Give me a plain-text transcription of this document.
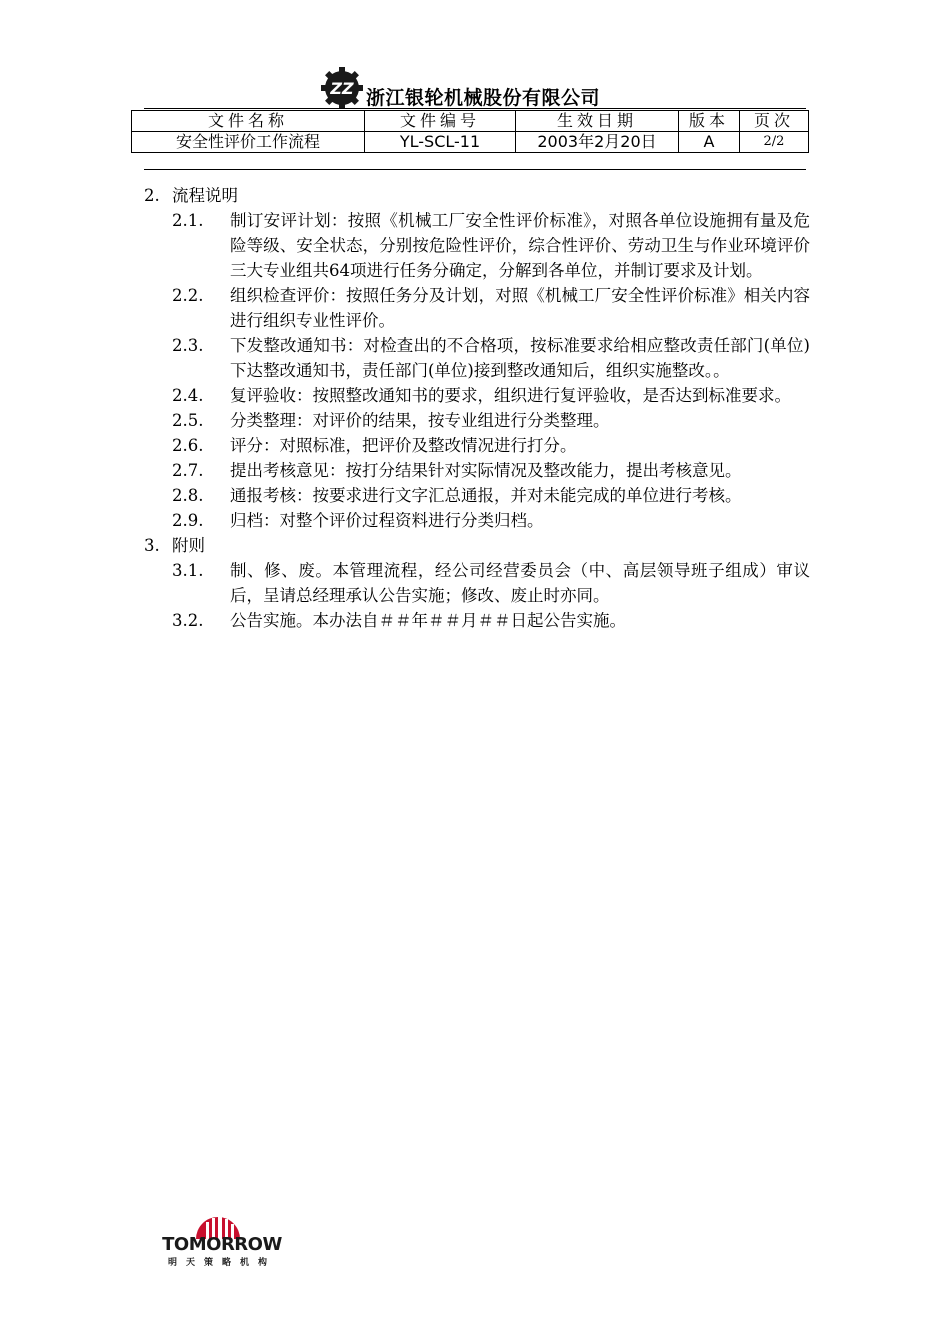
ZZ 浙江银轮机械股份有限公司
文件名称	文件编号	生效日期	版本	页次
安全性评价工作流程	YL-SCL-11	2003年2月20日	A	2/2
2. 流程说明
2.1.	制订安评计划：按照《机械工厂安全性评价标准》，对照各单位设施拥有量及危险等级、安全状态，分别按危险性评价，综合性评价、劳动卫生与作业环境评价三大专业组共64项进行任务分确定，分解到各单位，并制订要求及计划。
2.2.	组织检查评价：按照任务分及计划，对照《机械工厂安全性评价标准》相关内容进行组织专业性评价。
2.3.	下发整改通知书：对检查出的不合格项，按标准要求给相应整改责任部门(单位)下达整改通知书，责任部门(单位)接到整改通知后，组织实施整改。。
2.4.	复评验收：按照整改通知书的要求，组织进行复评验收，是否达到标准要求。
2.5.	分类整理：对评价的结果，按专业组进行分类整理。
2.6.	评分：对照标准，把评价及整改情况进行打分。
2.7.	提出考核意见：按打分结果针对实际情况及整改能力，提出考核意见。
2.8.	通报考核：按要求进行文字汇总通报，并对未能完成的单位进行考核。
2.9.	归档：对整个评价过程资料进行分类归档。
3. 附则
3.1.	制、修、废。本管理流程，经公司经营委员会（中、高层领导班子组成）审议后，呈请总经理承认公告实施；修改、废止时亦同。
3.2.	公告实施。本办法自＃＃年＃＃月＃＃日起公告实施。
TOMORROW
明天策略机构
